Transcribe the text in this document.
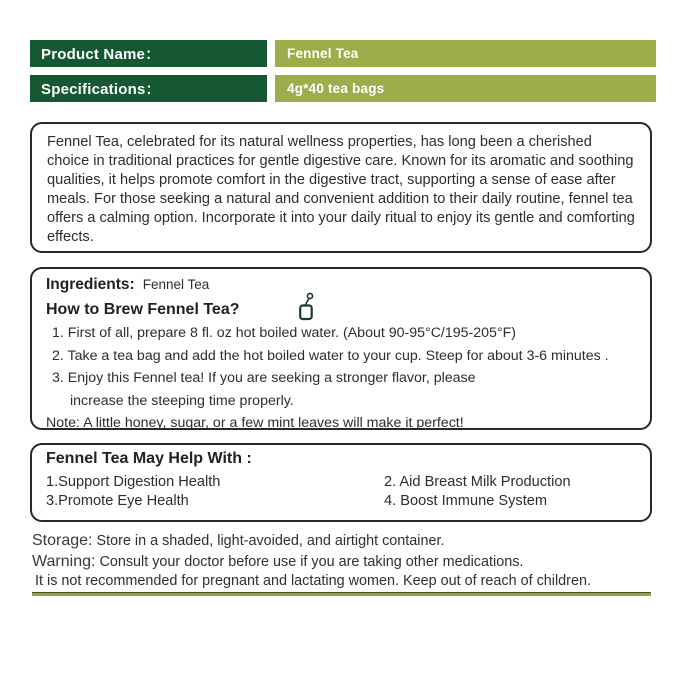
Product Name：	Fennel Tea
Specifications：	4g*40 tea bags
Fennel Tea, celebrated for its natural wellness properties, has long been a cherished choice in traditional practices for gentle digestive care. Known for its aromatic and soothing qualities, it helps promote comfort in the digestive tract, supporting a sense of ease after meals. For those seeking a natural and convenient addition to their daily routine, fennel tea offers a calming option. Incorporate it into your daily ritual to enjoy its gentle and comforting effects.
Ingredients: Fennel Tea
How to Brew Fennel Tea?
1. First of all, prepare 8 fl. oz hot boiled water. (About 90-95°C/195-205°F)
2. Take a tea bag and add the hot boiled water to your cup. Steep for about 3-6 minutes .
3. Enjoy this Fennel tea! If you are seeking a stronger flavor, please
increase the steeping time properly.
Note: A little honey, sugar, or a few mint leaves will make it perfect!
Fennel Tea May Help With :
1.Support Digestion Health
3.Promote Eye Health
2. Aid Breast Milk Production
4. Boost Immune System
Storage: Store in a shaded, light-avoided, and airtight container.
Warning: Consult your doctor before use if you are taking other medications.
It is not recommended for pregnant and lactating women. Keep out of reach of children.
